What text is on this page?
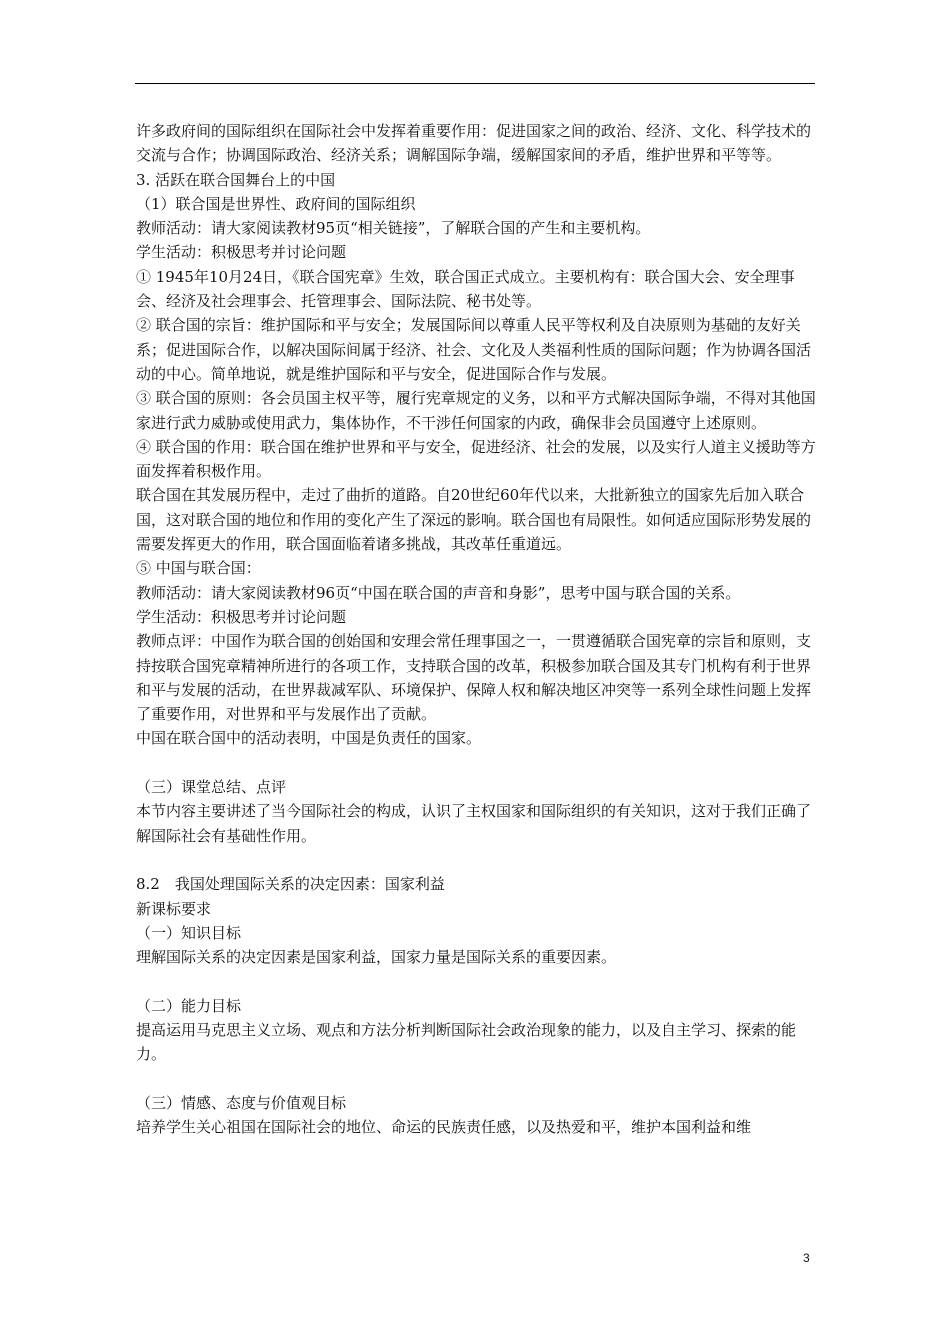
许多政府间的国际组织在国际社会中发挥着重要作用：促进国家之间的政治、经济、文化、科学技术的交流与合作；协调国际政治、经济关系；调解国际争端，缓解国家间的矛盾，维护世界和平等等。

3. 活跃在联合国舞台上的中国

（1）联合国是世界性、政府间的国际组织

教师活动：请大家阅读教材95页“相关链接”，了解联合国的产生和主要机构。

学生活动：积极思考并讨论问题

① 1945年10月24日，《联合国宪章》生效，联合国正式成立。主要机构有：联合国大会、安全理事会、经济及社会理事会、托管理事会、国际法院、秘书处等。

② 联合国的宗旨：维护国际和平与安全；发展国际间以尊重人民平等权利及自决原则为基础的友好关系；促进国际合作，以解决国际间属于经济、社会、文化及人类福利性质的国际问题；作为协调各国活动的中心。简单地说，就是维护国际和平与安全，促进国际合作与发展。

③ 联合国的原则：各会员国主权平等，履行宪章规定的义务，以和平方式解决国际争端，不得对其他国家进行武力威胁或使用武力，集体协作，不干涉任何国家的内政，确保非会员国遵守上述原则。

④ 联合国的作用：联合国在维护世界和平与安全，促进经济、社会的发展，以及实行人道主义援助等方面发挥着积极作用。

联合国在其发展历程中，走过了曲折的道路。自20世纪60年代以来，大批新独立的国家先后加入联合国，这对联合国的地位和作用的变化产生了深远的影响。联合国也有局限性。如何适应国际形势发展的需要发挥更大的作用，联合国面临着诸多挑战，其改革任重道远。

⑤ 中国与联合国：

教师活动：请大家阅读教材96页“中国在联合国的声音和身影”，思考中国与联合国的关系。

学生活动：积极思考并讨论问题

教师点评：中国作为联合国的创始国和安理会常任理事国之一，一贯遵循联合国宪章的宗旨和原则，支持按联合国宪章精神所进行的各项工作，支持联合国的改革，积极参加联合国及其专门机构有利于世界和平与发展的活动，在世界裁减军队、环境保护、保障人权和解决地区冲突等一系列全球性问题上发挥了重要作用，对世界和平与发展作出了贡献。

中国在联合国中的活动表明，中国是负责任的国家。

（三）课堂总结、点评

本节内容主要讲述了当今国际社会的构成，认识了主权国家和国际组织的有关知识，这对于我们正确了解国际社会有基础性作用。

8.2　我国处理国际关系的决定因素：国家利益

新课标要求

（一）知识目标

理解国际关系的决定因素是国家利益，国家力量是国际关系的重要因素。

（二）能力目标

提高运用马克思主义立场、观点和方法分析判断国际社会政治现象的能力，以及自主学习、探索的能力。

（三）情感、态度与价值观目标

培养学生关心祖国在国际社会的地位、命运的民族责任感，以及热爱和平，维护本国利益和维

3
